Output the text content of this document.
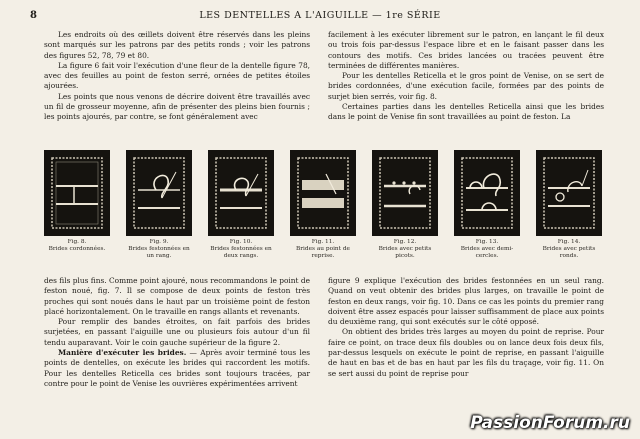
8	LES DENTELLES A L'AIGUILLE — 1re SÉRIE

Les endroits où des œillets doivent être réservés dans les pleins sont marqués sur les patrons par des petits ronds ; voir les patrons des figures 52, 78, 79 et 80.

La figure 6 fait voir l'exécution d'une fleur de la dentelle figure 78, avec des feuilles au point de feston serré, ornées de petites étoiles ajourées.

Les points que nous venons de décrire doivent être travaillés avec un fil de grosseur moyenne, afin de présenter des pleins bien fournis ; les points ajourés, par contre, se font généralement avec

facilement à les exécuter librement sur le patron, en lançant le fil deux ou trois fois par-dessus l'espace libre et en le faisant passer dans les contours des motifs. Ces brides lancées ou tracées peuvent être terminées de différentes manières.

Pour les dentelles Reticella et le gros point de Venise, on se sert de brides cordonnées, d'une exécution facile, formées par des points de surjet bien serrés, voir fig. 8.

Certaines parties dans les dentelles Reticella ainsi que les brides dans le point de Venise fin sont travaillées au point de feston. La

Fig. 8.
Brides cordonnées.
Fig. 9.
Brides festonnées en un rang.
Fig. 10.
Brides festonnées en deux rangs.
Fig. 11.
Brides au point de reprise.
Fig. 12.
Brides avec petits picots.
Fig. 13.
Brides avec demi-cercles.
Fig. 14.
Brides avec petits ronds.

des fils plus fins. Comme point ajouré, nous recommandons le point de feston noué, fig. 7. Il se compose de deux points de feston très proches qui sont noués dans le haut par un troisième point de feston placé horizontalement. On le travaille en rangs allants et revenants.

Pour remplir des bandes étroites, on fait parfois des brides surjetées, en passant l'aiguille une ou plusieurs fois autour d'un fil tendu auparavant. Voir le coin gauche supérieur de la figure 2.

Manière d'exécuter les brides. — Après avoir terminé tous les points de dentelles, on exécute les brides qui raccordent les motifs. Pour les dentelles Reticella ces brides sont toujours tracées, par contre pour le point de Venise les ouvrières expérimentées arrivent

figure 9 explique l'exécution des brides festonnées en un seul rang. Quand on veut obtenir des brides plus larges, on travaille le point de feston en deux rangs, voir fig. 10. Dans ce cas les points du premier rang doivent être assez espacés pour laisser suffisamment de place aux points du deuxième rang, qui sont exécutés sur le côté opposé.

On obtient des brides très larges au moyen du point de reprise. Pour faire ce point, on trace deux fils doubles ou on lance deux fois deux fils, par-dessus lesquels on exécute le point de reprise, en passant l'aiguille de haut en bas et de bas en haut par les fils du traçage, voir fig. 11. On se sert aussi du point de reprise pour

PassionForum.ru
